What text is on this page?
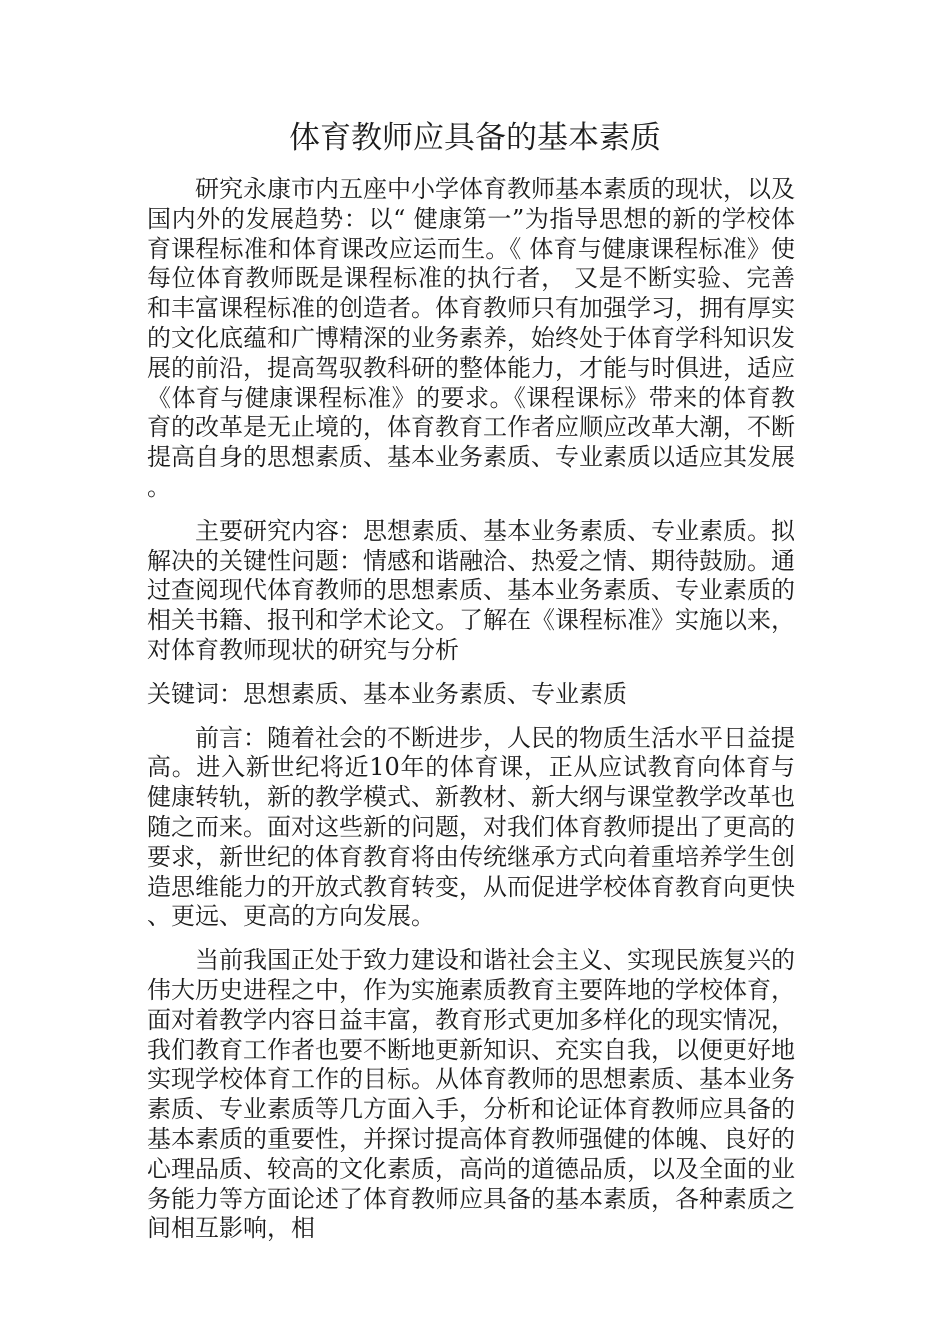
体育教师应具备的基本素质

研究永康市内五座中小学体育教师基本素质的现状，以及国内外的发展趋势：以“ 健康第一”为指导思想的新的学校体育课程标准和体育课改应运而生。《 体育与健康课程标准》使每位体育教师既是课程标准的执行者， 又是不断实验、完善和丰富课程标准的创造者。体育教师只有加强学习，拥有厚实的文化底蕴和广博精深的业务素养，始终处于体育学科知识发展的前沿，提高驾驭教科研的整体能力，才能与时俱进，适应《体育与健康课程标准》的要求。《课程课标》带来的体育教育的改革是无止境的，体育教育工作者应顺应改革大潮，不断提高自身的思想素质、基本业务素质、专业素质以适应其发展。

主要研究内容：思想素质、基本业务素质、专业素质。拟解决的关键性问题：情感和谐融洽、热爱之情、期待鼓励。通过查阅现代体育教师的思想素质、基本业务素质、专业素质的相关书籍、报刊和学术论文。了解在《课程标准》实施以来，对体育教师现状的研究与分析

关键词：思想素质、基本业务素质、专业素质

前言：随着社会的不断进步，人民的物质生活水平日益提高。进入新世纪将近10年的体育课，正从应试教育向体育与健康转轨，新的教学模式、新教材、新大纲与课堂教学改革也随之而来。面对这些新的问题，对我们体育教师提出了更高的要求，新世纪的体育教育将由传统继承方式向着重培养学生创造思维能力的开放式教育转变，从而促进学校体育教育向更快、更远、更高的方向发展。

当前我国正处于致力建设和谐社会主义、实现民族复兴的伟大历史进程之中，作为实施素质教育主要阵地的学校体育，面对着教学内容日益丰富，教育形式更加多样化的现实情况，我们教育工作者也要不断地更新知识、充实自我，以便更好地实现学校体育工作的目标。从体育教师的思想素质、基本业务素质、专业素质等几方面入手，分析和论证体育教师应具备的基本素质的重要性，并探讨提高体育教师强健的体魄、良好的心理品质、较高的文化素质，高尚的道德品质，以及全面的业务能力等方面论述了体育教师应具备的基本素质，各种素质之间相互影响，相
